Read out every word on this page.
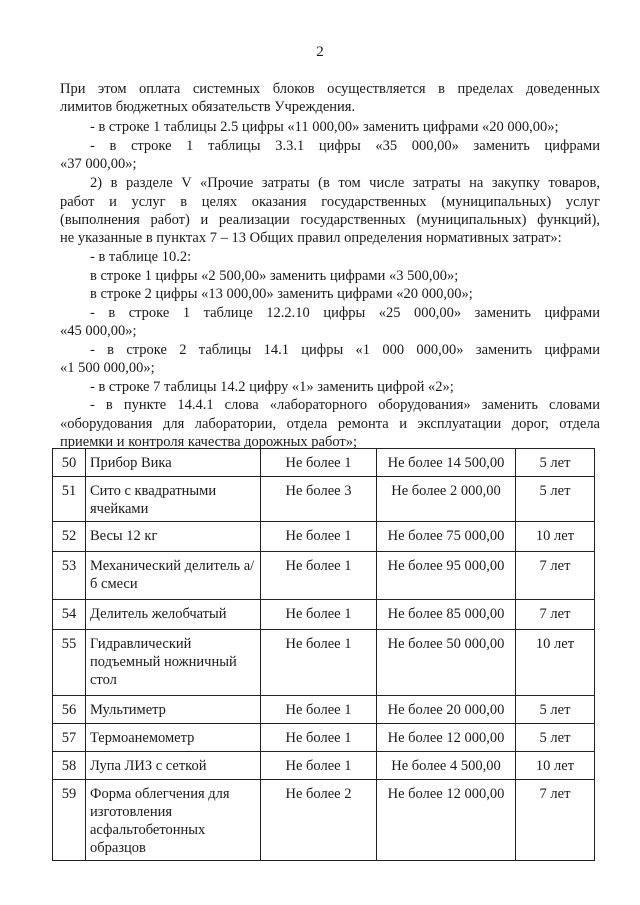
2

При этом оплата системных блоков осуществляется в пределах доведенных

лимитов бюджетных обязательств Учреждения.

- в строке 1 таблицы 2.5 цифры «11 000,00» заменить цифрами «20 000,00»;

- в строке 1 таблицы 3.3.1 цифры «35 000,00» заменить цифрами

«37 000,00»;

2) в разделе V «Прочие затраты (в том числе затраты на закупку товаров,

работ и услуг в целях оказания государственных (муниципальных) услуг

(выполнения работ) и реализации государственных (муниципальных) функций),

не указанные в пунктах 7 – 13 Общих правил определения нормативных затрат»:

- в таблице 10.2:

в строке 1 цифры «2 500,00» заменить цифрами «3 500,00»;

в строке 2 цифры «13 000,00» заменить цифрами «20 000,00»;

- в строке 1 таблице 12.2.10 цифры «25 000,00» заменить цифрами

«45 000,00»;

- в строке 2 таблицы 14.1 цифры «1 000 000,00» заменить цифрами

«1 500 000,00»;

- в строке 7 таблицы 14.2 цифру «1» заменить цифрой «2»;

- в пункте 14.4.1 слова «лабораторного оборудования» заменить словами

«оборудования для лаборатории, отдела ремонта и эксплуатации дорог, отдела

приемки и контроля качества дорожных работ»;

50	Прибор Вика	Не более 1	Не более 14 500,00	5 лет
51	Сито с квадратными ячейками	Не более 3	Не более 2 000,00	5 лет
52	Весы 12 кг	Не более 1	Не более 75 000,00	10 лет
53	Механический делитель а/б смеси	Не более 1	Не более 95 000,00	7 лет
54	Делитель желобчатый	Не более 1	Не более 85 000,00	7 лет
55	Гидравлический подъемный ножничный стол	Не более 1	Не более 50 000,00	10 лет
56	Мультиметр	Не более 1	Не более 20 000,00	5 лет
57	Термоанемометр	Не более 1	Не более 12 000,00	5 лет
58	Лупа ЛИЗ с сеткой	Не более 1	Не более 4 500,00	10 лет
59	Форма облегчения для изготовления асфальтобетонных образцов	Не более 2	Не более 12 000,00	7 лет
